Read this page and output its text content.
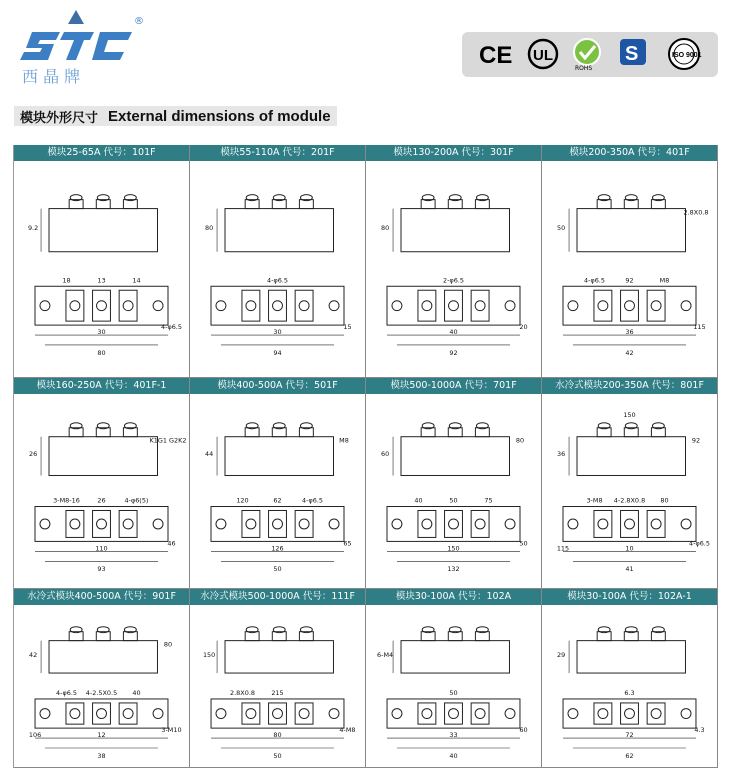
西 晶 牌
®
CE UL
ROHS
S	ISO 9001
模块外形尺寸 External dimensions of module
模块25-65A 代号：101F
30
80
9.2
13
4-φ6.5
18	14
模块55-110A 代号：201F
30
94
80
4-φ6.5
15
模块130-200A 代号：301F
40
92
80
2-φ6.5
20
模块200-350A 代号：401F
36
42
50
92
115
4-φ6.5	M8
2.8X0.8
模块160-250A 代号：401F-1
110
93
26
26
46
3-M8-16	4-φ6(5)
K1G1 G2K2
模块400-500A 代号：501F
126
50
44
62
65
120	4-φ6.5
M8
模块500-1000A 代号：701F
150
132
60
50
50
40	75
80
水冷式模块200-350A 代号：801F
10
41
36
4-2.8X0.8
4-φ6.5
3-M8	80
92
115
150
水冷式模块400-500A 代号：901F
12
38
42
4-2.5X0.5
3-M10
4-φ6.5	40
80
106
水冷式模块500-1000A 代号：111F
80
50
150
215
4-M8
2.8X0.8
模块30-100A 代号：102A
33
40
6-M4
50
60
模块30-100A 代号：102A-1
72
62
29
6.3
4.3
